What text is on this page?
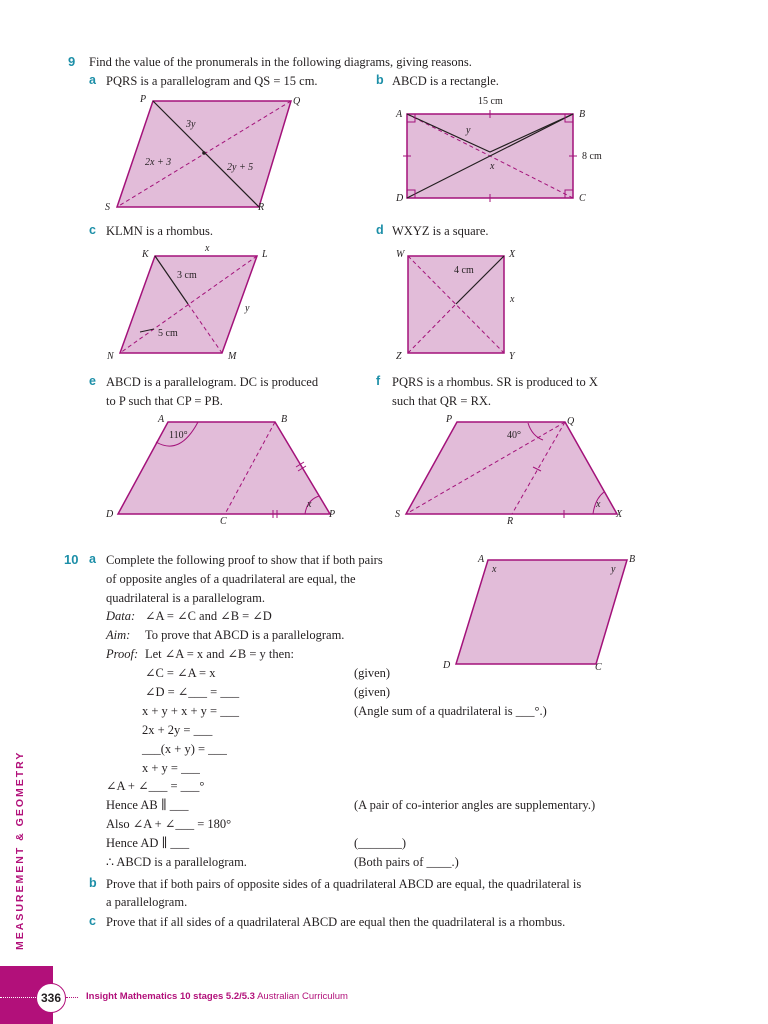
9 Find the value of the pronumerals in the following diagrams, giving reasons.
a PQRS is a parallelogram and QS = 15 cm.	b ABCD is a rectangle.
c KLMN is a rhombus.	d WXYZ is a square.
e ABCD is a parallelogram. DC is produced
to P such that CP = PB.
f PQRS is a rhombus. SR is produced to X
such that QR = RX.
P	Q
R
S
3y
2x + 3	2y + 5
A	B
C
D
15 cm
8 cm
y
x
K	L
M
N
x
y
3 cm
5 cm
W	X
Y
Z
4 cm
x
A	B
C
D	P
110°
x
P	Q
R
S	X
40°
x
10 a Complete the following proof to show that if both pairs
of opposite angles of a quadrilateral are equal, the
quadrilateral is a parallelogram.
Data: ∠A = ∠C and ∠B = ∠D
Aim: To prove that ABCD is a parallelogram.
Proof: Let ∠A = x and ∠B = y then:
∠C = ∠A = x	(given)
∠D = ∠___ = ___	(given)
x + y + x + y = ___	(Angle sum of a quadrilateral is ___°.)
2x + 2y = ___
___(x + y) = ___
x + y = ___
∠A + ∠___ = ___°
Hence AB ∥ ___	(A pair of co-interior angles are supplementary.)
Also ∠A + ∠___ = 180°
Hence AD ∥ ___	(_______)
∴ ABCD is a parallelogram.	(Both pairs of ____.)
b Prove that if both pairs of opposite sides of a quadrilateral ABCD are equal, the quadrilateral is
a parallelogram.
c Prove that if all sides of a quadrilateral ABCD are equal then the quadrilateral is a rhombus.
A	B
C
D
x	y
MEASUREMENT & GEOMETRY
336	Insight Mathematics 10 stages 5.2/5.3 Australian Curriculum
